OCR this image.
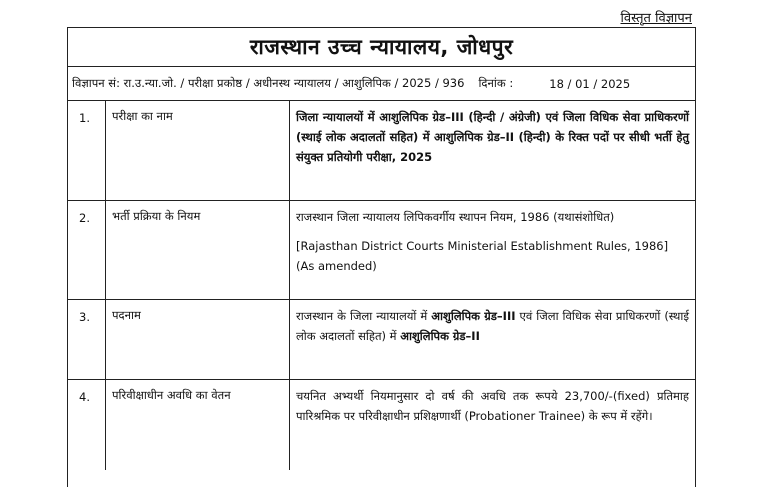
विस्तृत विज्ञापन
राजस्थान उच्च न्यायालय, जोधपुर
विज्ञापन सं: रा.उ.न्या.जो. / परीक्षा प्रकोष्ठ / अधीनस्थ न्यायालय / आशुलिपिक / 2025 / 936 दिनांक :	18 / 01 / 2025
1.	परीक्षा का नाम	जिला न्यायालयों में आशुलिपिक ग्रेड–III (हिन्दी / अंग्रेजी) एवं जिला विधिक सेवा प्राधिकरणों (स्थाई लोक अदालतों सहित) में आशुलिपिक ग्रेड–II (हिन्दी) के रिक्त पदों पर सीधी भर्ती हेतु संयुक्त प्रतियोगी परीक्षा, 2025
2.	भर्ती प्रक्रिया के नियम	राजस्थान जिला न्यायालय लिपिकवर्गीय स्थापन नियम, 1986 (यथासंशोधित)

[Rajasthan District Courts Ministerial Establishment Rules, 1986]

(As amended)

3.	पदनाम	राजस्थान के जिला न्यायालयों में आशुलिपिक ग्रेड–III एवं जिला विधिक सेवा प्राधिकरणों (स्थाई लोक अदालतों सहित) में आशुलिपिक ग्रेड–II
4.	परिवीक्षाधीन अवधि का वेतन	चयनित अभ्यर्थी नियमानुसार दो वर्ष की अवधि तक रूपये 23,700/-(fixed) प्रतिमाह पारिश्रमिक पर परिवीक्षाधीन प्रशिक्षणार्थी (Probationer Trainee) के रूप में रहेंगे।
